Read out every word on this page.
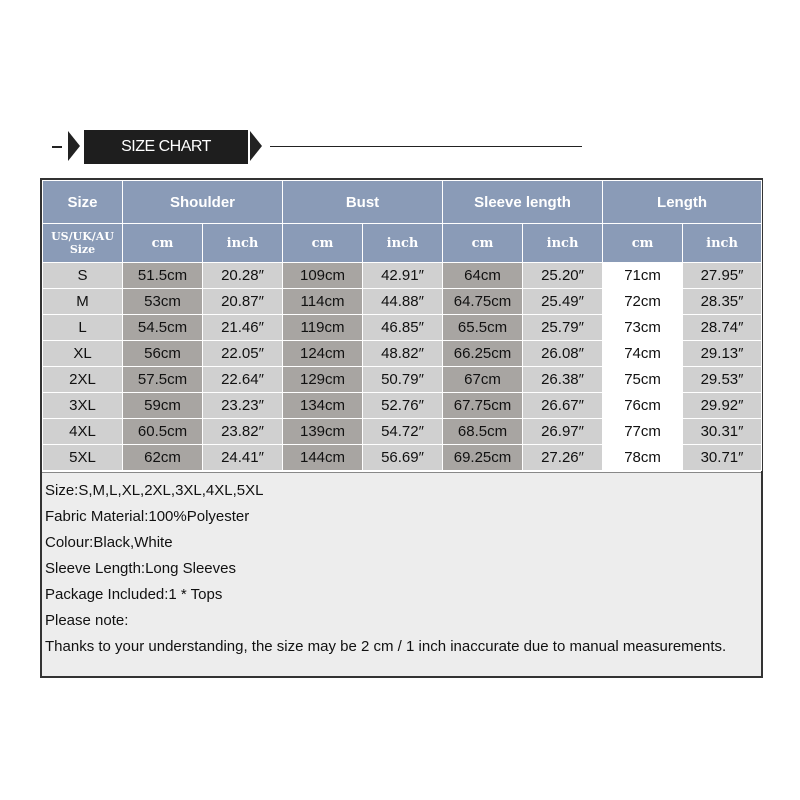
SIZE CHART
Size	Shoulder		Bust		Sleeve length		Length	

US/UK/AU
Size	cm	inch	cm	inch	cm	inch	cm	inch
S	51.5cm	20.28″	109cm	42.91″	64cm	25.20″	71cm	27.95″
M	53cm	20.87″	114cm	44.88″	64.75cm	25.49″	72cm	28.35″
L	54.5cm	21.46″	119cm	46.85″	65.5cm	25.79″	73cm	28.74″
XL	56cm	22.05″	124cm	48.82″	66.25cm	26.08″	74cm	29.13″
2XL	57.5cm	22.64″	129cm	50.79″	67cm	26.38″	75cm	29.53″
3XL	59cm	23.23″	134cm	52.76″	67.75cm	26.67″	76cm	29.92″
4XL	60.5cm	23.82″	139cm	54.72″	68.5cm	26.97″	77cm	30.31″
5XL	62cm	24.41″	144cm	56.69″	69.25cm	27.26″	78cm	30.71″
Size:S,M,L,XL,2XL,3XL,4XL,5XL
Fabric Material:100%Polyester
Colour:Black,White
Sleeve Length:Long Sleeves
Package Included:1 * Tops
Please note:
Thanks to your understanding, the size may be 2 cm / 1 inch inaccurate due to manual measurements.
